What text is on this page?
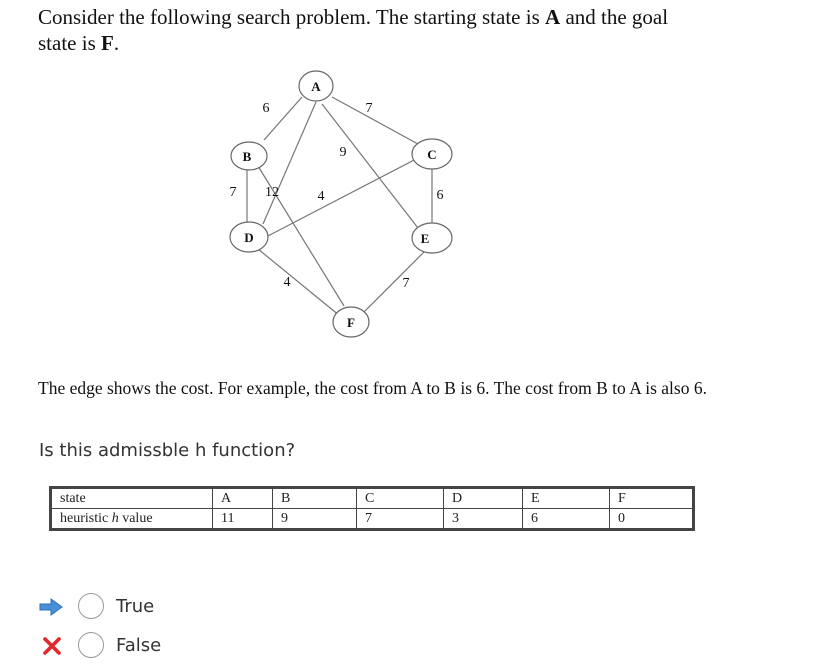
Consider the following search problem. The starting state is A and the goal
state is F.
6	7
9
4
7 12	6
4	7
A
B	C
D	E
F
The edge shows the cost. For example, the cost from A to B is 6. The cost from B to A is also 6.
Is this admissble h function?
state	A	B	C	D	E	F
heuristic h value	11	9	7	3	6	0
True
False
